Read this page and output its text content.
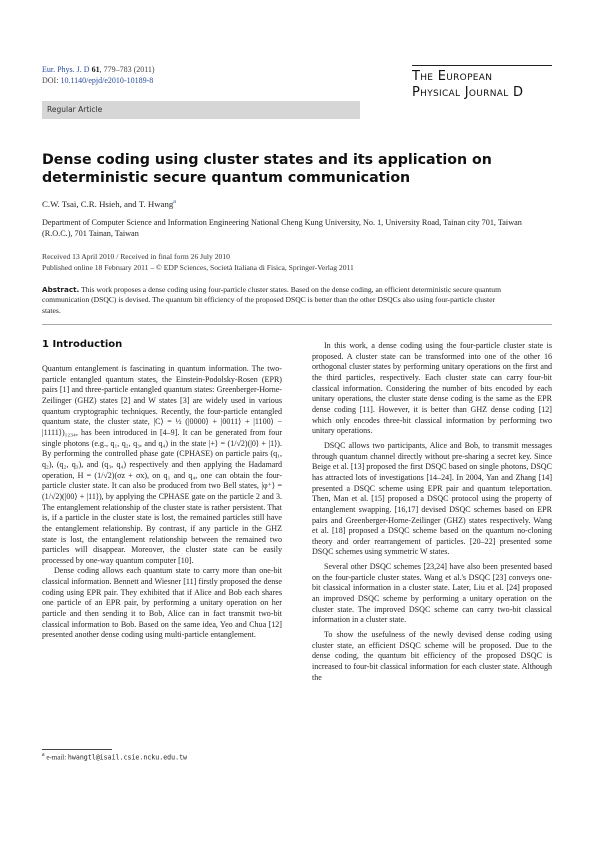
Eur. Phys. J. D 61, 779–783 (2011)
DOI: 10.1140/epjd/e2010-10189-8	The European
Physical Journal D
Regular Article
Dense coding using cluster states and its application on deterministic secure quantum communication
C.W. Tsai, C.R. Hsieh, and T. Hwang$^a$
Department of Computer Science and Information Engineering National Cheng Kung University, No. 1, University Road, Tainan city 701, Taiwan (R.O.C.), 701 Tainan, Taiwan
Received 13 April 2010 / Received in final form 26 July 2010
Published online 18 February 2011 – © EDP Sciences, Società Italiana di Fisica, Springer-Verlag 2011
Abstract. This work proposes a dense coding using four-particle cluster states. Based on the dense coding, an efficient deterministic secure quantum communication (DSQC) is devised. The quantum bit efficiency of the proposed DSQC is better than the other DSQCs also using four-particle cluster states.
1 Introduction

Quantum entanglement is fascinating in quantum information. The two-particle entangled quantum states, the Einstein-Podolsky-Rosen (EPR) pairs [1] and three-particle entangled quantum states: Greenberger-Horne-Zeilinger (GHZ) states [2] and W states [3] are widely used in various quantum cryptographic techniques. Recently, the four-particle entangled quantum state, the cluster state, |C⟩ = ½ (|0000⟩ + |0011⟩ + |1100⟩ − |1111⟩)₁₂₃₄, has been introduced in [4–9]. It can be generated from four single photons (e.g., q₁, q₂, q₃, and q₄) in the state |+⟩ = (1/√2)(|0⟩ + |1⟩). By performing the controlled phase gate (CPHASE) on particle pairs (q₁, q₂), (q₂, q₃), and (q₃, q₄) respectively and then applying the Hadamard operation, H = (1/√2)(σz + σx), on q₁ and q₄, one can obtain the four-particle cluster state. It can also be produced from two Bell states, |φ⁺⟩ = (1/√2)(|00⟩ + |11⟩), by applying the CPHASE gate on the particle 2 and 3. The entanglement relationship of the cluster state is rather persistent. That is, if a particle in the cluster state is lost, the remained particles still have the entanglement relationship. By contrast, if any particle in the GHZ state is lost, the entanglement relationship between the remained two particles will disappear. Moreover, the cluster state can be easily processed by one-way quantum computer [10].

Dense coding allows each quantum state to carry more than one-bit classical information. Bennett and Wiesner [11] firstly proposed the dense coding using EPR pair. They exhibited that if Alice and Bob each shares one particle of an EPR pair, by performing a unitary operation on her particle and then sending it to Bob, Alice can in fact transmit two-bit classical information to Bob. Based on the same idea, Yeo and Chua [12] presented another dense coding using multi-particle entanglement.

In this work, a dense coding using the four-particle cluster state is proposed. A cluster state can be transformed into one of the other 16 orthogonal cluster states by performing unitary operations on the first and the third particles, respectively. Each cluster state can carry four-bit classical information. Considering the number of bits encoded by each unitary operations, the cluster state dense coding is the same as the EPR dense coding [11]. However, it is better than GHZ dense coding [12] which only encodes three-bit classical information by performing two unitary operations.

DSQC allows two participants, Alice and Bob, to transmit messages through quantum channel directly without pre-sharing a secret key. Since Beige et al. [13] proposed the first DSQC based on single photons, DSQC has attracted lots of investigations [14–24]. In 2004, Yan and Zhang [14] presented a DSQC scheme using EPR pair and quantum teleportation. Then, Man et al. [15] proposed a DSQC protocol using the property of entanglement swapping. [16,17] devised DSQC schemes based on EPR pairs and Greenberger-Horne-Zeilinger (GHZ) states respectively. Wang et al. [18] proposed a DSQC scheme based on the quantum no-cloning theory and order rearrangement of particles. [20–22] presented some DSQC schemes using symmetric W states.

Several other DSQC schemes [23,24] have also been presented based on the four-particle cluster states. Wang et al.'s DSQC [23] conveys one-bit classical information in a cluster state. Later, Liu et al. [24] proposed an improved DSQC scheme by performing a unitary operation on the cluster state. The improved DSQC scheme can carry two-bit classical information in a cluster state.

To show the usefulness of the newly devised dense coding using cluster state, an efficient DSQC scheme will be proposed. Due to the dense coding, the quantum bit efficiency of the proposed DSQC is increased to four-bit classical information for each cluster state. Although the

$^a$ e-mail: hwangtl@isail.csie.ncku.edu.tw
